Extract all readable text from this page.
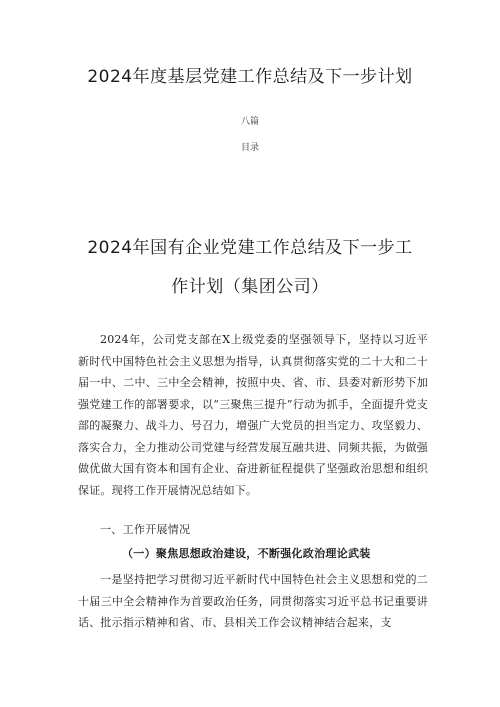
2024年度基层党建工作总结及下一步计划
八篇
目录
2024年国有企业党建工作总结及下一步工
作计划（集团公司）
2024年，公司党支部在X上级党委的坚强领导下，坚持以习近平新时代中国特色社会主义思想为指导，认真贯彻落实党的二十大和二十届一中、二中、三中全会精神，按照中央、省、市、县委对新形势下加强党建工作的部署要求，以“三聚焦三提升”行动为抓手，全面提升党支部的凝聚力、战斗力、号召力，增强广大党员的担当定力、攻坚毅力、落实合力，全力推动公司党建与经营发展互融共进、同频共振，为做强做优做大国有资本和国有企业、奋进新征程提供了坚强政治思想和组织保证。现将工作开展情况总结如下。
一、工作开展情况
（一）聚焦思想政治建设，不断强化政治理论武装
一是坚持把学习贯彻习近平新时代中国特色社会主义思想和党的二十届三中全会精神作为首要政治任务，同贯彻落实习近平总书记重要讲话、批示指示精神和省、市、县相关工作会议精神结合起来，支
